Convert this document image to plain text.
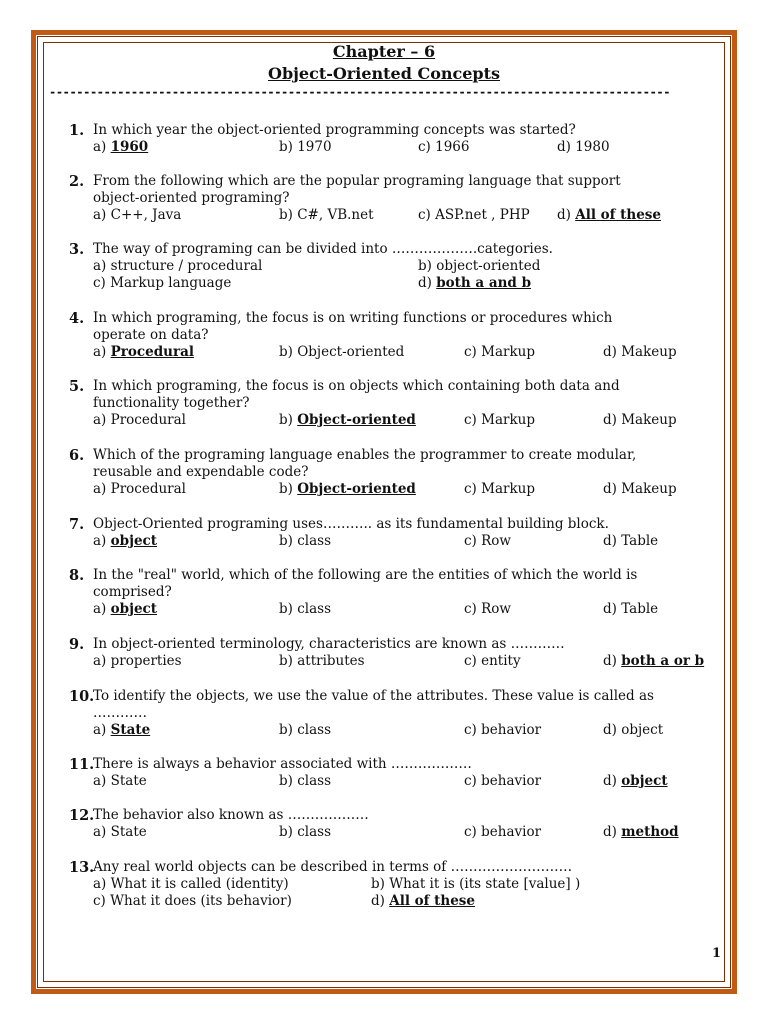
Chapter – 6
Object-Oriented Concepts
-------------------------------------------------------------------------------------------
1. In which year the object-oriented programming concepts was started?
a) 1960	b) 1970	c) 1966	d) 1980
2. From the following which are the popular programing language that support
object-oriented programing?
a) C++, Java	b) C#, VB.net	c) ASP.net , PHP d) All of these
3. The way of programing can be divided into ……………….categories.
a) structure / procedural	b) object-oriented
c) Markup language	d) both a and b
4. In which programing, the focus is on writing functions or procedures which
operate on data?
a) Procedural	b) Object-oriented	c) Markup	d) Makeup
5. In which programing, the focus is on objects which containing both data and
functionality together?
a) Procedural	b) Object-oriented	c) Markup	d) Makeup
6. Which of the programing language enables the programmer to create modular,
reusable and expendable code?
a) Procedural	b) Object-oriented	c) Markup	d) Makeup
7. Object-Oriented programing uses……….. as its fundamental building block.
a) object	b) class	c) Row	d) Table
8. In the "real" world, which of the following are the entities of which the world is
comprised?
a) object	b) class	c) Row	d) Table
9. In object-oriented terminology, characteristics are known as …………
a) properties	b) attributes	c) entity	d) both a or b
10.
To identify the objects, we use the value of the attributes. These value is called as
…………
a) State	b) class	c) behavior	d) object
11.
There is always a behavior associated with ………………
a) State	b) class	c) behavior	d) object
12.
The behavior also known as ………………
a) State	b) class	c) behavior	d) method
13.
Any real world objects can be described in terms of ………………………
a) What it is called (identity)	b) What it is (its state [value] )
c) What it does (its behavior)	d) All of these
1
